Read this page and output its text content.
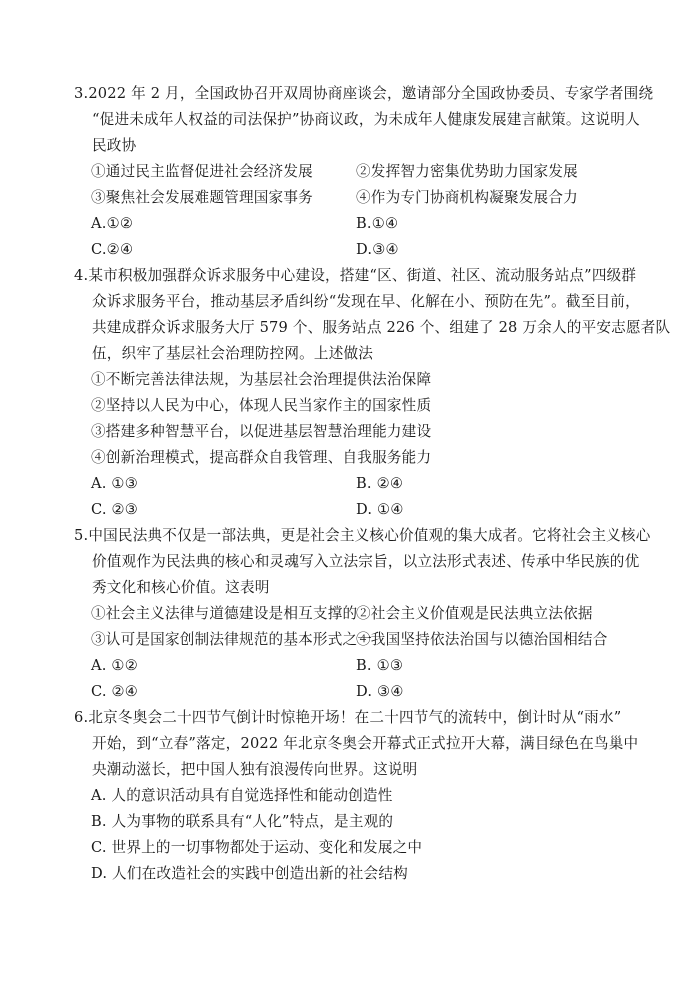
3.2022 年 2 月，全国政协召开双周协商座谈会，邀请部分全国政协委员、专家学者围绕
“促进未成年人权益的司法保护”协商议政，为未成年人健康发展建言献策。这说明人
民政协
①通过民主监督促进社会经济发展	②发挥智力密集优势助力国家发展
③聚焦社会发展难题管理国家事务	④作为专门协商机构凝聚发展合力
A.①②	B.①④
C.②④	D.③④
4.某市积极加强群众诉求服务中心建设，搭建“区、街道、社区、流动服务站点”四级群
众诉求服务平台，推动基层矛盾纠纷“发现在早、化解在小、预防在先”。截至目前，
共建成群众诉求服务大厅 579 个、服务站点 226 个、组建了 28 万余人的平安志愿者队
伍，织牢了基层社会治理防控网。上述做法
①不断完善法律法规，为基层社会治理提供法治保障
②坚持以人民为中心，体现人民当家作主的国家性质
③搭建多种智慧平台，以促进基层智慧治理能力建设
④创新治理模式，提高群众自我管理、自我服务能力
A. ①③	B. ②④
C. ②③	D. ①④
5.中国民法典不仅是一部法典，更是社会主义核心价值观的集大成者。它将社会主义核心
价值观作为民法典的核心和灵魂写入立法宗旨，以立法形式表述、传承中华民族的优
秀文化和核心价值。这表明
①社会主义法律与道德建设是相互支撑的
②社会主义价值观是民法典立法依据
③认可是国家创制法律规范的基本形式之一
④我国坚持依法治国与以德治国相结合
A. ①②	B. ①③
C. ②④	D. ③④
6.北京冬奥会二十四节气倒计时惊艳开场！在二十四节气的流转中，倒计时从“雨水”
开始，到“立春”落定，2022 年北京冬奥会开幕式正式拉开大幕，满目绿色在鸟巢中
央潮动滋长，把中国人独有浪漫传向世界。这说明
A. 人的意识活动具有自觉选择性和能动创造性
B. 人为事物的联系具有“人化”特点，是主观的
C. 世界上的一切事物都处于运动、变化和发展之中
D. 人们在改造社会的实践中创造出新的社会结构
